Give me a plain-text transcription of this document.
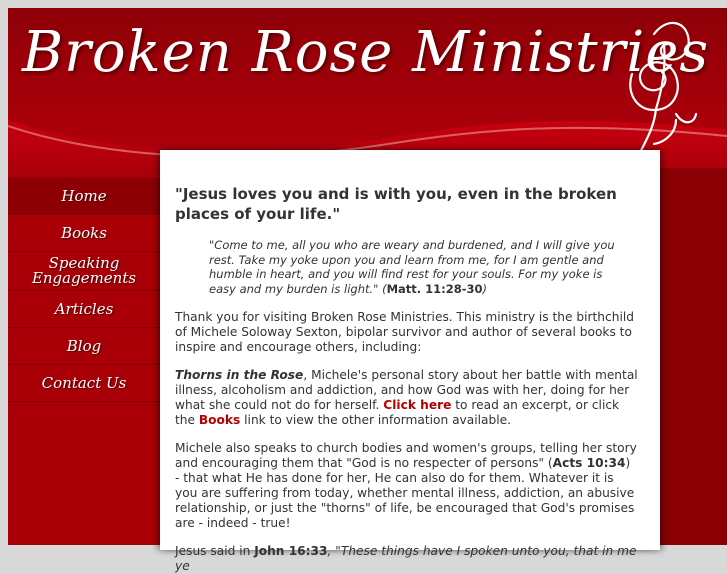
Broken Rose Ministries
Home
Books
Speaking Engagements
Articles
Blog
Contact Us
"Jesus loves you and is with you, even in the broken places of your life."
"Come to me, all you who are weary and burdened, and I will give you rest. Take my yoke upon you and learn from me, for I am gentle and humble in heart, and you will find rest for your souls. For my yoke is easy and my burden is light." (Matt. 11:28-30)

Thank you for visiting Broken Rose Ministries. This ministry is the birthchild of Michele Soloway Sexton, bipolar survivor and author of several books to inspire and encourage others, including:

Thorns in the Rose, Michele's personal story about her battle with mental illness, alcoholism and addiction, and how God was with her, doing for her what she could not do for herself. Click here to read an excerpt, or click the Books link to view the other information available.

Michele also speaks to church bodies and women's groups, telling her story and encouraging them that "God is no respecter of persons" (Acts 10:34) - that what He has done for her, He can also do for them. Whatever it is you are suffering from today, whether mental illness, addiction, an abusive relationship, or just the "thorns" of life, be encouraged that God's promises are - indeed - true!

Jesus said in John 16:33, "These things have I spoken unto you, that in me ye
